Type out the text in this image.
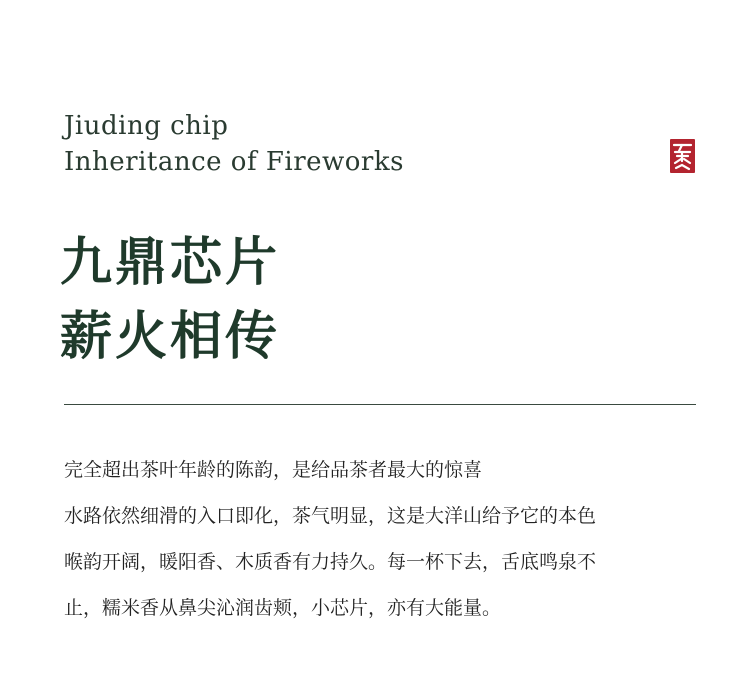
Jiuding chip
Inheritance of Fireworks
九鼎芯片
薪火相传
完全超出茶叶年龄的陈韵，是给品茶者最大的惊喜
水路依然细滑的入口即化，茶气明显，这是大洋山给予它的本色
喉韵开阔，暖阳香、木质香有力持久。每一杯下去，舌底鸣泉不
止，糯米香从鼻尖沁润齿颊，小芯片，亦有大能量。
